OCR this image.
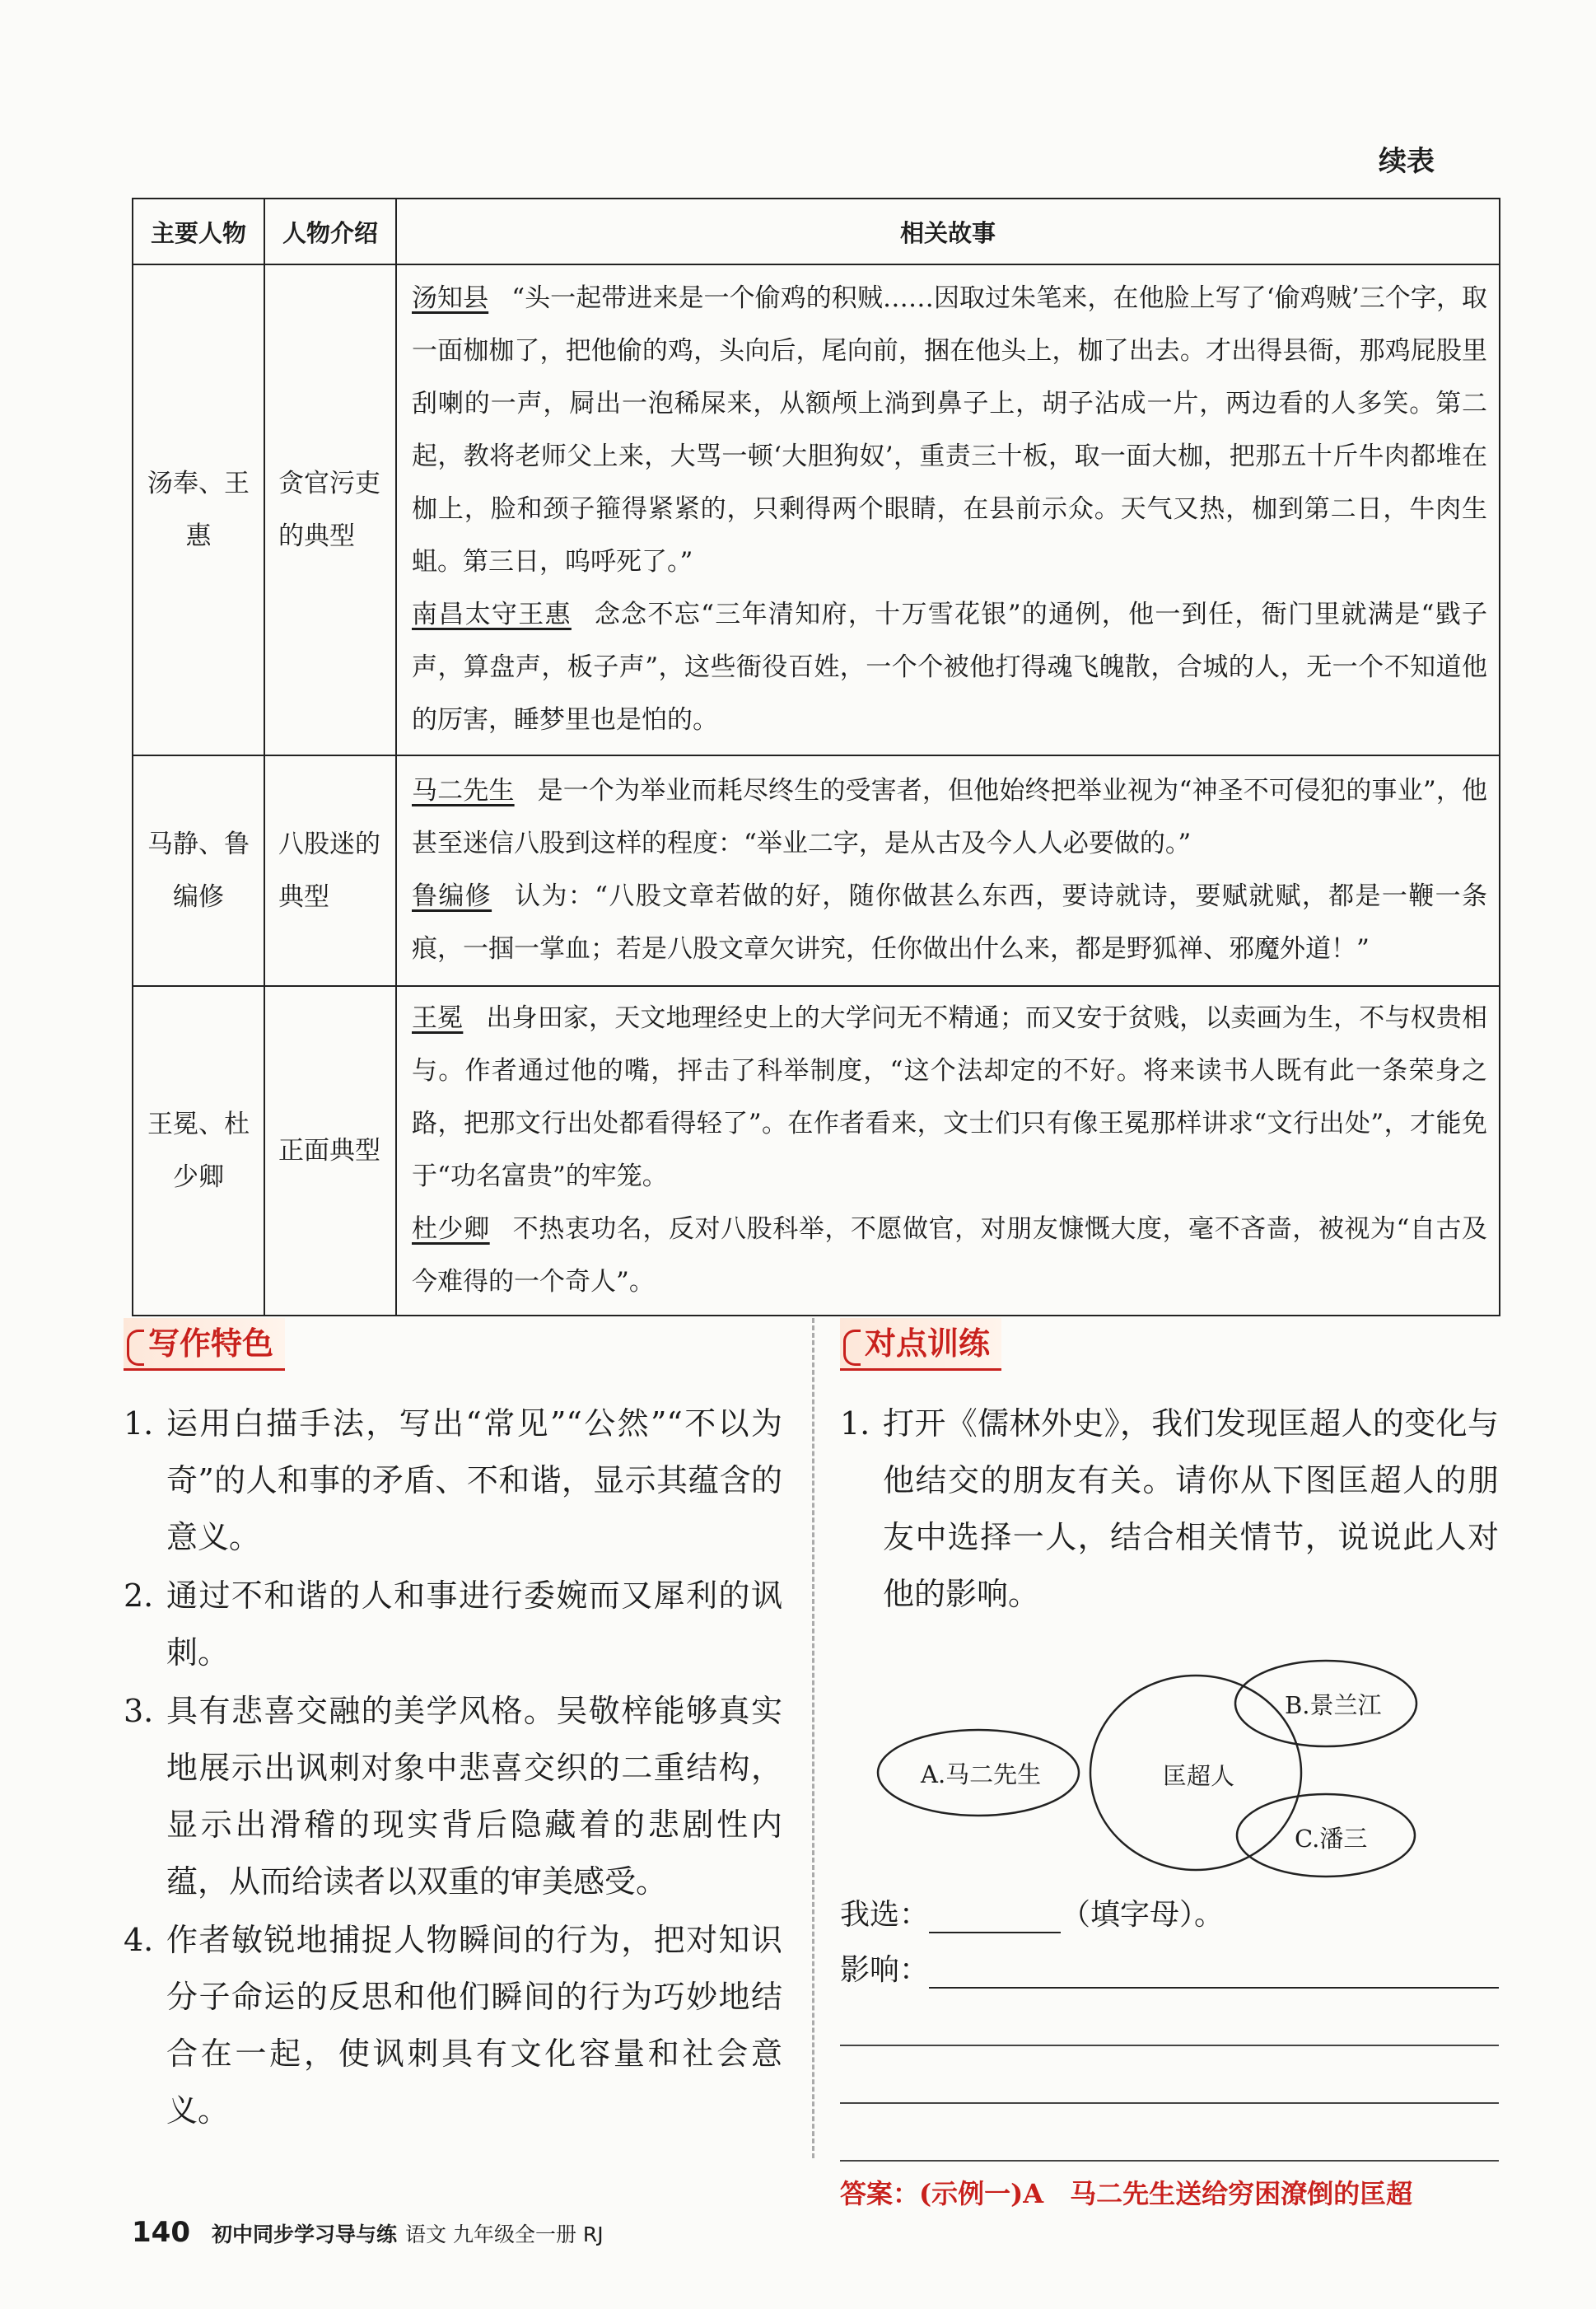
续表
主要人物	人物介绍	相关故事
汤奉、王惠	贪官污吏的典型	汤知县 “头一起带进来是一个偷鸡的积贼……因取过朱笔来，在他脸上写了‘偷鸡贼’三个字，取一面枷枷了，把他偷的鸡，头向后，尾向前，捆在他头上，枷了出去。才出得县衙，那鸡屁股里刮喇的一声，屙出一泡稀屎来，从额颅上淌到鼻子上，胡子沾成一片，两边看的人多笑。第二起，教将老师父上来，大骂一顿‘大胆狗奴’，重责三十板，取一面大枷，把那五十斤牛肉都堆在枷上，脸和颈子箍得紧紧的，只剩得两个眼睛，在县前示众。天气又热，枷到第二日，牛肉生蛆。第三日，呜呼死了。”

南昌太守王惠 念念不忘“三年清知府，十万雪花银”的通例，他一到任，衙门里就满是“戥子声，算盘声，板子声”，这些衙役百姓，一个个被他打得魂飞魄散，合城的人，无一个不知道他的厉害，睡梦里也是怕的。

马静、鲁编修	八股迷的典型	马二先生 是一个为举业而耗尽终生的受害者，但他始终把举业视为“神圣不可侵犯的事业”，他甚至迷信八股到这样的程度：“举业二字，是从古及今人人必要做的。”

鲁编修 认为：“八股文章若做的好，随你做甚么东西，要诗就诗，要赋就赋，都是一鞭一条痕，一掴一掌血；若是八股文章欠讲究，任你做出什么来，都是野狐禅、邪魔外道！”

王冕、杜少卿	正面典型	王冕 出身田家，天文地理经史上的大学问无不精通；而又安于贫贱，以卖画为生，不与权贵相与。作者通过他的嘴，抨击了科举制度，“这个法却定的不好。将来读书人既有此一条荣身之路，把那文行出处都看得轻了”。在作者看来，文士们只有像王冕那样讲求“文行出处”，才能免于“功名富贵”的牢笼。

杜少卿 不热衷功名，反对八股科举，不愿做官，对朋友慷慨大度，毫不吝啬，被视为“自古及今难得的一个奇人”。

写作特色
1. 运用白描手法，写出“常见”“公然”“不以为奇”的人和事的矛盾、不和谐，显示其蕴含的意义。
2. 通过不和谐的人和事进行委婉而又犀利的讽刺。
3. 具有悲喜交融的美学风格。吴敬梓能够真实地展示出讽刺对象中悲喜交织的二重结构，显示出滑稽的现实背后隐藏着的悲剧性内蕴，从而给读者以双重的审美感受。
4. 作者敏锐地捕捉人物瞬间的行为，把对知识分子命运的反思和他们瞬间的行为巧妙地结合在一起，使讽刺具有文化容量和社会意义。
对点训练
1. 打开《儒林外史》，我们发现匡超人的变化与他结交的朋友有关。请你从下图匡超人的朋友中选择一人，结合相关情节，说说此人对他的影响。
A.马二先生	匡超人
B.景兰江
C.潘三
我选：	（填字母）。
影响：
答案：(示例一)A　马二先生送给穷困潦倒的匡超
140 初中同步学习导与练 语文 九年级全一册 RJ
